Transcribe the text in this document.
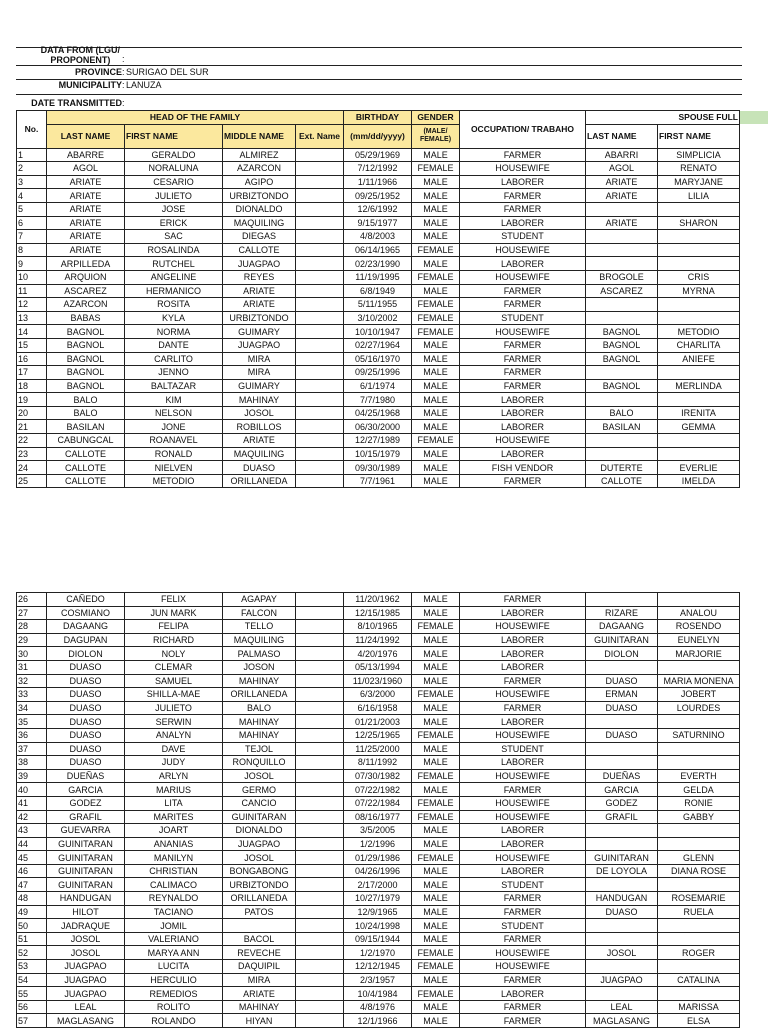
DATA FROM (LGU/
PROPONENT)	:
PROVINCE : SURIGAO DEL SUR
MUNICIPALITY : LANUZA
DATE TRANSMITTED :
No.	HEAD OF THE FAMILY				BIRTHDAY	GENDER	OCCUPATION/ TRABAHO	SPOUSE FULL	
	LAST NAME	FIRST NAME	MIDDLE NAME	Ext. Name	(mm/dd/yyyy)	(MALE/ FEMALE)		LAST NAME	FIRST NAME
1	ABARRE	GERALDO	ALMIREZ		05/29/1969	MALE	FARMER	ABARRI	SIMPLICIA
2	AGOL	NORALUNA	AZARCON		7/12/1992	FEMALE	HOUSEWIFE	AGOL	RENATO
3	ARIATE	CESARIO	AGIPO		1/11/1966	MALE	LABORER	ARIATE	MARYJANE
4	ARIATE	JULIETO	URBIZTONDO		09/25/1952	MALE	FARMER	ARIATE	LILIA
5	ARIATE	JOSE	DIONALDO		12/6/1992	MALE	FARMER		
6	ARIATE	ERICK	MAQUILING		9/15/1977	MALE	LABORER	ARIATE	SHARON
7	ARIATE	SAC	DIEGAS		4/8/2003	MALE	STUDENT		
8	ARIATE	ROSALINDA	CALLOTE		06/14/1965	FEMALE	HOUSEWIFE		
9	ARPILLEDA	RUTCHEL	JUAGPAO		02/23/1990	MALE	LABORER		
10	ARQUION	ANGELINE	REYES		11/19/1995	FEMALE	HOUSEWIFE	BROGOLE	CRIS
11	ASCAREZ	HERMANICO	ARIATE		6/8/1949	MALE	FARMER	ASCAREZ	MYRNA
12	AZARCON	ROSITA	ARIATE		5/11/1955	FEMALE	FARMER		
13	BABAS	KYLA	URBIZTONDO		3/10/2002	FEMALE	STUDENT		
14	BAGNOL	NORMA	GUIMARY		10/10/1947	FEMALE	HOUSEWIFE	BAGNOL	METODIO
15	BAGNOL	DANTE	JUAGPAO		02/27/1964	MALE	FARMER	BAGNOL	CHARLITA
16	BAGNOL	CARLITO	MIRA		05/16/1970	MALE	FARMER	BAGNOL	ANIEFE
17	BAGNOL	JENNO	MIRA		09/25/1996	MALE	FARMER		
18	BAGNOL	BALTAZAR	GUIMARY		6/1/1974	MALE	FARMER	BAGNOL	MERLINDA
19	BALO	KIM	MAHINAY		7/7/1980	MALE	LABORER		
20	BALO	NELSON	JOSOL		04/25/1968	MALE	LABORER	BALO	IRENITA
21	BASILAN	JONE	ROBILLOS		06/30/2000	MALE	LABORER	BASILAN	GEMMA
22	CABUNGCAL	ROANAVEL	ARIATE		12/27/1989	FEMALE	HOUSEWIFE		
23	CALLOTE	RONALD	MAQUILING		10/15/1979	MALE	LABORER		
24	CALLOTE	NIELVEN	DUASO		09/30/1989	MALE	FISH VENDOR	DUTERTE	EVERLIE
25	CALLOTE	METODIO	ORILLANEDA		7/7/1961	MALE	FARMER	CALLOTE	IMELDA
26	CAÑEDO	FELIX	AGAPAY		11/20/1962	MALE	FARMER		
27	COSMIANO	JUN MARK	FALCON		12/15/1985	MALE	LABORER	RIZARE	ANALOU
28	DAGAANG	FELIPA	TELLO		8/10/1965	FEMALE	HOUSEWIFE	DAGAANG	ROSENDO
29	DAGUPAN	RICHARD	MAQUILING		11/24/1992	MALE	LABORER	GUINITARAN	EUNELYN
30	DIOLON	NOLY	PALMASO		4/20/1976	MALE	LABORER	DIOLON	MARJORIE
31	DUASO	CLEMAR	JOSON		05/13/1994	MALE	LABORER		
32	DUASO	SAMUEL	MAHINAY		11/023/1960	MALE	FARMER	DUASO	MARIA MONENA
33	DUASO	SHILLA-MAE	ORILLANEDA		6/3/2000	FEMALE	HOUSEWIFE	ERMAN	JOBERT
34	DUASO	JULIETO	BALO		6/16/1958	MALE	FARMER	DUASO	LOURDES
35	DUASO	SERWIN	MAHINAY		01/21/2003	MALE	LABORER		
36	DUASO	ANALYN	MAHINAY		12/25/1965	FEMALE	HOUSEWIFE	DUASO	SATURNINO
37	DUASO	DAVE	TEJOL		11/25/2000	MALE	STUDENT		
38	DUASO	JUDY	RONQUILLO		8/11/1992	MALE	LABORER		
39	DUEÑAS	ARLYN	JOSOL		07/30/1982	FEMALE	HOUSEWIFE	DUEÑAS	EVERTH
40	GARCIA	MARIUS	GERMO		07/22/1982	MALE	FARMER	GARCIA	GELDA
41	GODEZ	LITA	CANCIO		07/22/1984	FEMALE	HOUSEWIFE	GODEZ	RONIE
42	GRAFIL	MARITES	GUINITARAN		08/16/1977	FEMALE	HOUSEWIFE	GRAFIL	GABBY
43	GUEVARRA	JOART	DIONALDO		3/5/2005	MALE	LABORER		
44	GUINITARAN	ANANIAS	JUAGPAO		1/2/1996	MALE	LABORER		
45	GUINITARAN	MANILYN	JOSOL		01/29/1986	FEMALE	HOUSEWIFE	GUINITARAN	GLENN
46	GUINITARAN	CHRISTIAN	BONGABONG		04/26/1996	MALE	LABORER	DE LOYOLA	DIANA ROSE
47	GUINITARAN	CALIMACO	URBIZTONDO		2/17/2000	MALE	STUDENT		
48	HANDUGAN	REYNALDO	ORILLANEDA		10/27/1979	MALE	FARMER	HANDUGAN	ROSEMARIE
49	HILOT	TACIANO	PATOS		12/9/1965	MALE	FARMER	DUASO	RUELA
50	JADRAQUE	JOMIL			10/24/1998	MALE	STUDENT		
51	JOSOL	VALERIANO	BACOL		09/15/1944	MALE	FARMER		
52	JOSOL	MARYA ANN	REVECHE		1/2/1970	FEMALE	HOUSEWIFE	JOSOL	ROGER
53	JUAGPAO	LUCITA	DAQUIPIL		12/12/1945	FEMALE	HOUSEWIFE		
54	JUAGPAO	HERCULIO	MIRA		2/3/1957	MALE	FARMER	JUAGPAO	CATALINA
55	JUAGPAO	REMEDIOS	ARIATE		10/4/1984	FEMALE	LABORER		
56	LEAL	ROLITO	MAHINAY		4/8/1976	MALE	FARMER	LEAL	MARISSA
57	MAGLASANG	ROLANDO	HIYAN		12/1/1966	MALE	FARMER	MAGLASANG	ELSA
